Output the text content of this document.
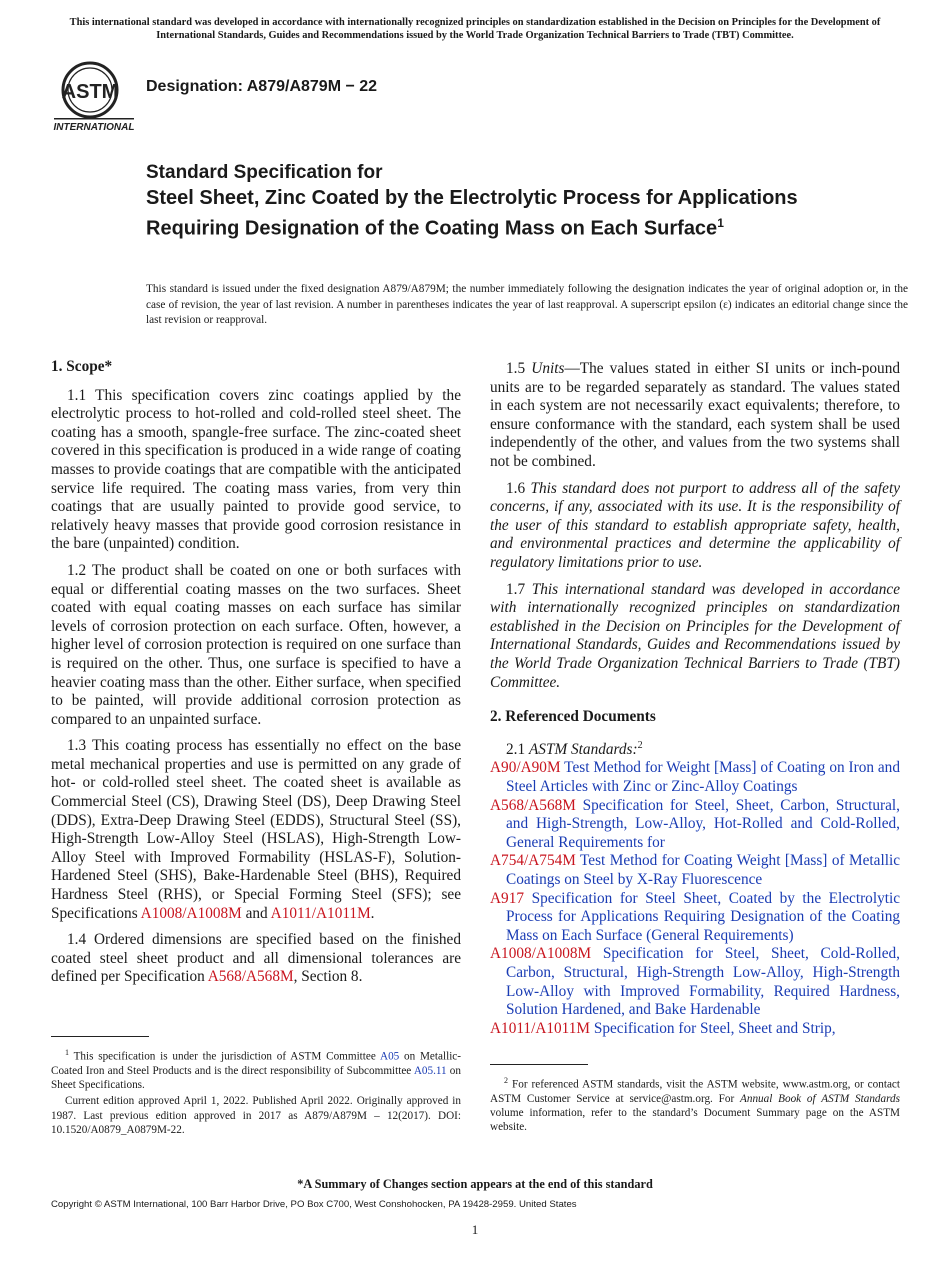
This international standard was developed in accordance with internationally recognized principles on standardization established in the Decision on Principles for the Development of International Standards, Guides and Recommendations issued by the World Trade Organization Technical Barriers to Trade (TBT) Committee.
ASTM
INTERNATIONAL
Designation: A879/A879M − 22
Standard Specification for
Steel Sheet, Zinc Coated by the Electrolytic Process for Applications Requiring Designation of the Coating Mass on Each Surface$^1$
This standard is issued under the fixed designation A879/A879M; the number immediately following the designation indicates the year of original adoption or, in the case of revision, the year of last revision. A number in parentheses indicates the year of last reapproval. A superscript epsilon (ε) indicates an editorial change since the last revision or reapproval.
1. Scope*

1.1 This specification covers zinc coatings applied by the electrolytic process to hot-rolled and cold-rolled steel sheet. The coating has a smooth, spangle-free surface. The zinc-coated sheet covered in this specification is produced in a wide range of coating masses to provide coatings that are compatible with the anticipated service life required. The coating mass varies, from very thin coatings that are usually painted to provide good service, to relatively heavy masses that provide good corrosion resistance in the bare (unpainted) condition.

1.2 The product shall be coated on one or both surfaces with equal or differential coating masses on the two surfaces. Sheet coated with equal coating masses on each surface has similar levels of corrosion protection on each surface. Often, however, a higher level of corrosion protection is required on one surface than is required on the other. Thus, one surface is specified to have a heavier coating mass than the other. Either surface, when specified to be painted, will provide additional corrosion protection as compared to an unpainted surface.

1.3 This coating process has essentially no effect on the base metal mechanical properties and use is permitted on any grade of hot- or cold-rolled steel sheet. The coated sheet is available as Commercial Steel (CS), Drawing Steel (DS), Deep Drawing Steel (DDS), Extra-Deep Drawing Steel (EDDS), Structural Steel (SS), High-Strength Low-Alloy Steel (HSLAS), High-Strength Low-Alloy Steel with Improved Formability (HSLAS-F), Solution-Hardened Steel (SHS), Bake-Hardenable Steel (BHS), Required Hardness Steel (RHS), or Special Forming Steel (SFS); see Specifications A1008/A1008M and A1011/A1011M.

1.4 Ordered dimensions are specified based on the finished coated steel sheet product and all dimensional tolerances are defined per Specification A568/A568M, Section 8.

1.5 Units—The values stated in either SI units or inch-pound units are to be regarded separately as standard. The values stated in each system are not necessarily exact equivalents; therefore, to ensure conformance with the standard, each system shall be used independently of the other, and values from the two systems shall not be combined.

1.6 This standard does not purport to address all of the safety concerns, if any, associated with its use. It is the responsibility of the user of this standard to establish appropriate safety, health, and environmental practices and determine the applicability of regulatory limitations prior to use.

1.7 This international standard was developed in accordance with internationally recognized principles on standardization established in the Decision on Principles for the Development of International Standards, Guides and Recommendations issued by the World Trade Organization Technical Barriers to Trade (TBT) Committee.

2. Referenced Documents

2.1 ASTM Standards:$^2$

A90/A90M Test Method for Weight [Mass] of Coating on Iron and Steel Articles with Zinc or Zinc-Alloy Coatings
A568/A568M Specification for Steel, Sheet, Carbon, Structural, and High-Strength, Low-Alloy, Hot-Rolled and Cold-Rolled, General Requirements for
A754/A754M Test Method for Coating Weight [Mass] of Metallic Coatings on Steel by X-Ray Fluorescence
A917 Specification for Steel Sheet, Coated by the Electrolytic Process for Applications Requiring Designation of the Coating Mass on Each Surface (General Requirements)
A1008/A1008M Specification for Steel, Sheet, Cold-Rolled, Carbon, Structural, High-Strength Low-Alloy, High-Strength Low-Alloy with Improved Formability, Required Hardness, Solution Hardened, and Bake Hardenable
A1011/A1011M Specification for Steel, Sheet and Strip,

$^1$ This specification is under the jurisdiction of ASTM Committee A05 on Metallic-Coated Iron and Steel Products and is the direct responsibility of Subcommittee A05.11 on Sheet Specifications.

Current edition approved April 1, 2022. Published April 2022. Originally approved in 1987. Last previous edition approved in 2017 as A879/A879M – 12(2017). DOI: 10.1520/A0879_A0879M-22.

$^2$ For referenced ASTM standards, visit the ASTM website, www.astm.org, or contact ASTM Customer Service at service@astm.org. For Annual Book of ASTM Standards volume information, refer to the standard’s Document Summary page on the ASTM website.

*A Summary of Changes section appears at the end of this standard
Copyright © ASTM International, 100 Barr Harbor Drive, PO Box C700, West Conshohocken, PA 19428-2959. United States
1
